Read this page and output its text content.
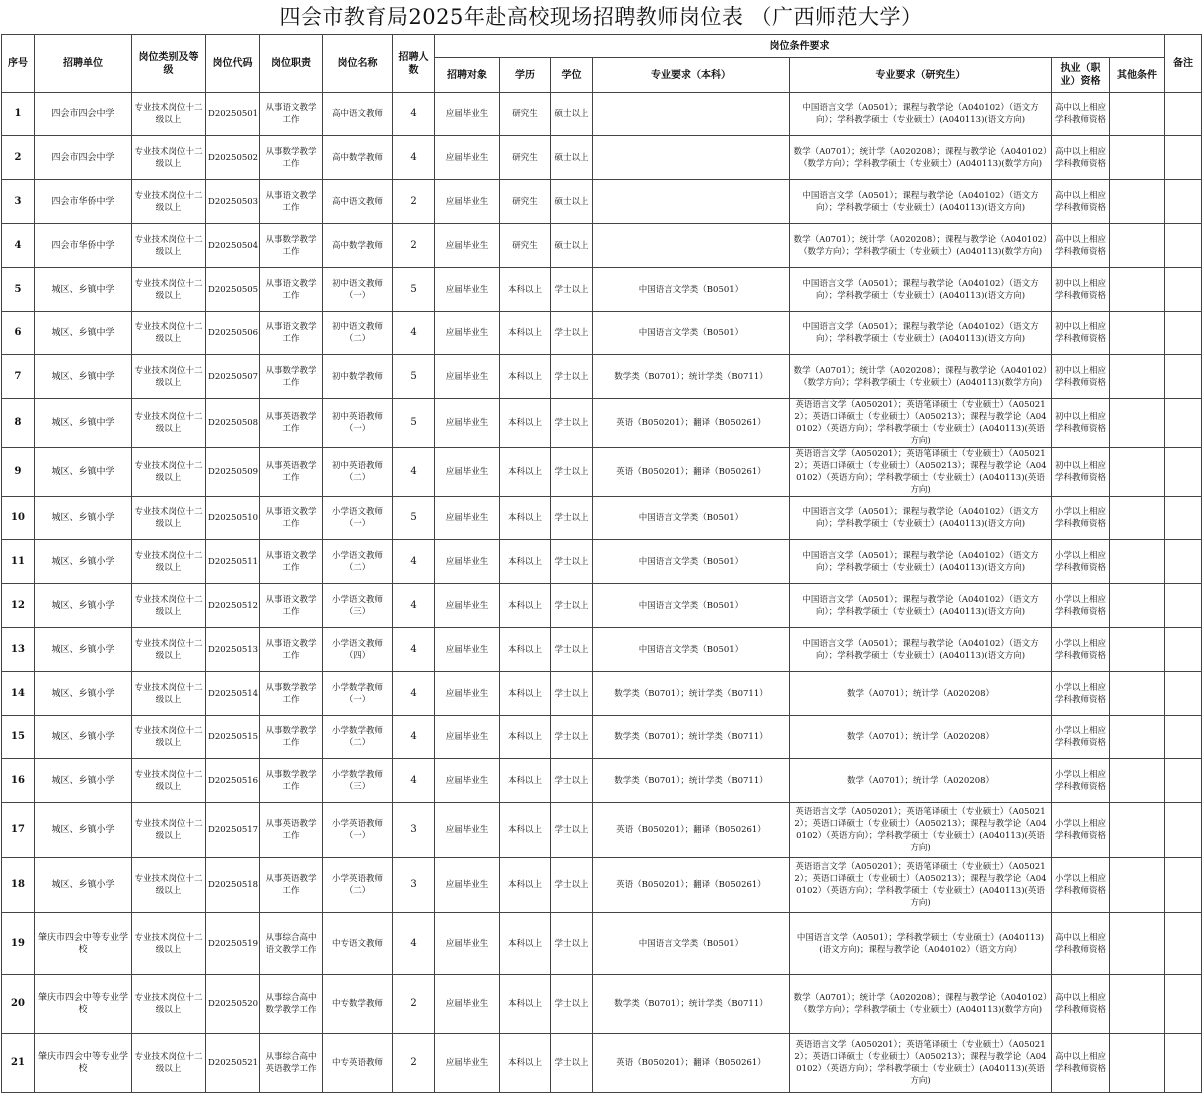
四会市教育局2025年赴高校现场招聘教师岗位表 （广西师范大学）
序号	招聘单位	岗位类别及等级	岗位代码	岗位职责	岗位名称	招聘人数	岗位条件要求							备注
							招聘对象	学历	学位	专业要求（本科）	专业要求（研究生）	执业（职业）资格	其他条件	
1	四会市四会中学	专业技术岗位十二级以上	D20250501	从事语文教学工作	高中语文教师	4	应届毕业生	研究生	硕士以上		中国语言文学（A0501）；课程与教学论（A040102）（语文方向）；学科教学硕士（专业硕士）(A040113)(语文方向)	高中以上相应学科教师资格		
2	四会市四会中学	专业技术岗位十二级以上	D20250502	从事数学教学工作	高中数学教师	4	应届毕业生	研究生	硕士以上		数学（A0701）；统计学（A020208）；课程与教学论（A040102）（数学方向）；学科教学硕士（专业硕士）(A040113)(数学方向)	高中以上相应学科教师资格		
3	四会市华侨中学	专业技术岗位十二级以上	D20250503	从事语文教学工作	高中语文教师	2	应届毕业生	研究生	硕士以上		中国语言文学（A0501）；课程与教学论（A040102）（语文方向）；学科教学硕士（专业硕士）(A040113)(语文方向)	高中以上相应学科教师资格		
4	四会市华侨中学	专业技术岗位十二级以上	D20250504	从事数学教学工作	高中数学教师	2	应届毕业生	研究生	硕士以上		数学（A0701）；统计学（A020208）；课程与教学论（A040102）（数学方向）；学科教学硕士（专业硕士）(A040113)(数学方向)	高中以上相应学科教师资格		
5	城区、乡镇中学	专业技术岗位十二级以上	D20250505	从事语文教学工作	初中语文教师（一）	5	应届毕业生	本科以上	学士以上	中国语言文学类（B0501）	中国语言文学（A0501）；课程与教学论（A040102）（语文方向）；学科教学硕士（专业硕士）(A040113)(语文方向)	初中以上相应学科教师资格		
6	城区、乡镇中学	专业技术岗位十二级以上	D20250506	从事语文教学工作	初中语文教师（二）	4	应届毕业生	本科以上	学士以上	中国语言文学类（B0501）	中国语言文学（A0501）；课程与教学论（A040102）（语文方向）；学科教学硕士（专业硕士）(A040113)(语文方向)	初中以上相应学科教师资格		
7	城区、乡镇中学	专业技术岗位十二级以上	D20250507	从事数学教学工作	初中数学教师	5	应届毕业生	本科以上	学士以上	数学类（B0701）；统计学类（B0711）	数学（A0701）；统计学（A020208）；课程与教学论（A040102）（数学方向）；学科教学硕士（专业硕士）(A040113)(数学方向)	初中以上相应学科教师资格		
8	城区、乡镇中学	专业技术岗位十二级以上	D20250508	从事英语教学工作	初中英语教师（一）	5	应届毕业生	本科以上	学士以上	英语（B050201）；翻译（B050261）	英语语言文学（A050201）；英语笔译硕士（专业硕士）（A050212）；英语口译硕士（专业硕士）（A050213）；课程与教学论（A040102）（英语方向）；学科教学硕士（专业硕士）(A040113)(英语方向)	初中以上相应学科教师资格		
9	城区、乡镇中学	专业技术岗位十二级以上	D20250509	从事英语教学工作	初中英语教师（二）	4	应届毕业生	本科以上	学士以上	英语（B050201）；翻译（B050261）	英语语言文学（A050201）；英语笔译硕士（专业硕士）（A050212）；英语口译硕士（专业硕士）（A050213）；课程与教学论（A040102）（英语方向）；学科教学硕士（专业硕士）(A040113)(英语方向)	初中以上相应学科教师资格		
10	城区、乡镇小学	专业技术岗位十二级以上	D20250510	从事语文教学工作	小学语文教师（一）	5	应届毕业生	本科以上	学士以上	中国语言文学类（B0501）	中国语言文学（A0501）；课程与教学论（A040102）（语文方向）；学科教学硕士（专业硕士）(A040113)(语文方向)	小学以上相应学科教师资格		
11	城区、乡镇小学	专业技术岗位十二级以上	D20250511	从事语文教学工作	小学语文教师（二）	4	应届毕业生	本科以上	学士以上	中国语言文学类（B0501）	中国语言文学（A0501）；课程与教学论（A040102）（语文方向）；学科教学硕士（专业硕士）(A040113)(语文方向)	小学以上相应学科教师资格		
12	城区、乡镇小学	专业技术岗位十二级以上	D20250512	从事语文教学工作	小学语文教师（三）	4	应届毕业生	本科以上	学士以上	中国语言文学类（B0501）	中国语言文学（A0501）；课程与教学论（A040102）（语文方向）；学科教学硕士（专业硕士）(A040113)(语文方向)	小学以上相应学科教师资格		
13	城区、乡镇小学	专业技术岗位十二级以上	D20250513	从事语文教学工作	小学语文教师（四）	4	应届毕业生	本科以上	学士以上	中国语言文学类（B0501）	中国语言文学（A0501）；课程与教学论（A040102）（语文方向）；学科教学硕士（专业硕士）(A040113)(语文方向)	小学以上相应学科教师资格		
14	城区、乡镇小学	专业技术岗位十二级以上	D20250514	从事数学教学工作	小学数学教师（一）	4	应届毕业生	本科以上	学士以上	数学类（B0701）；统计学类（B0711）	数学（A0701）；统计学（A020208）	小学以上相应学科教师资格		
15	城区、乡镇小学	专业技术岗位十二级以上	D20250515	从事数学教学工作	小学数学教师（二）	4	应届毕业生	本科以上	学士以上	数学类（B0701）；统计学类（B0711）	数学（A0701）；统计学（A020208）	小学以上相应学科教师资格		
16	城区、乡镇小学	专业技术岗位十二级以上	D20250516	从事数学教学工作	小学数学教师（三）	4	应届毕业生	本科以上	学士以上	数学类（B0701）；统计学类（B0711）	数学（A0701）；统计学（A020208）	小学以上相应学科教师资格		
17	城区、乡镇小学	专业技术岗位十二级以上	D20250517	从事英语教学工作	小学英语教师（一）	3	应届毕业生	本科以上	学士以上	英语（B050201）；翻译（B050261）	英语语言文学（A050201）；英语笔译硕士（专业硕士）（A050212）；英语口译硕士（专业硕士）（A050213）；课程与教学论（A040102）（英语方向）；学科教学硕士（专业硕士）(A040113)(英语方向)	小学以上相应学科教师资格		
18	城区、乡镇小学	专业技术岗位十二级以上	D20250518	从事英语教学工作	小学英语教师（二）	3	应届毕业生	本科以上	学士以上	英语（B050201）；翻译（B050261）	英语语言文学（A050201）；英语笔译硕士（专业硕士）（A050212）；英语口译硕士（专业硕士）（A050213）；课程与教学论（A040102）（英语方向）；学科教学硕士（专业硕士）(A040113)(英语方向)	小学以上相应学科教师资格		
19	肇庆市四会中等专业学校	专业技术岗位十二级以上	D20250519	从事综合高中语文教学工作	中专语文教师	4	应届毕业生	本科以上	学士以上	中国语言文学类（B0501）	中国语言文学（A0501）；学科教学硕士（专业硕士）(A040113)(语文方向)；课程与教学论（A040102）（语文方向）	高中以上相应学科教师资格		
20	肇庆市四会中等专业学校	专业技术岗位十二级以上	D20250520	从事综合高中数学教学工作	中专数学教师	2	应届毕业生	本科以上	学士以上	数学类（B0701）；统计学类（B0711）	数学（A0701）；统计学（A020208）；课程与教学论（A040102）（数学方向）；学科教学硕士（专业硕士）(A040113)(数学方向)	高中以上相应学科教师资格		
21	肇庆市四会中等专业学校	专业技术岗位十二级以上	D20250521	从事综合高中英语教学工作	中专英语教师	2	应届毕业生	本科以上	学士以上	英语（B050201）；翻译（B050261）	英语语言文学（A050201）；英语笔译硕士（专业硕士）（A050212）；英语口译硕士（专业硕士）（A050213）；课程与教学论（A040102）（英语方向）；学科教学硕士（专业硕士）(A040113)(英语方向)	高中以上相应学科教师资格		
